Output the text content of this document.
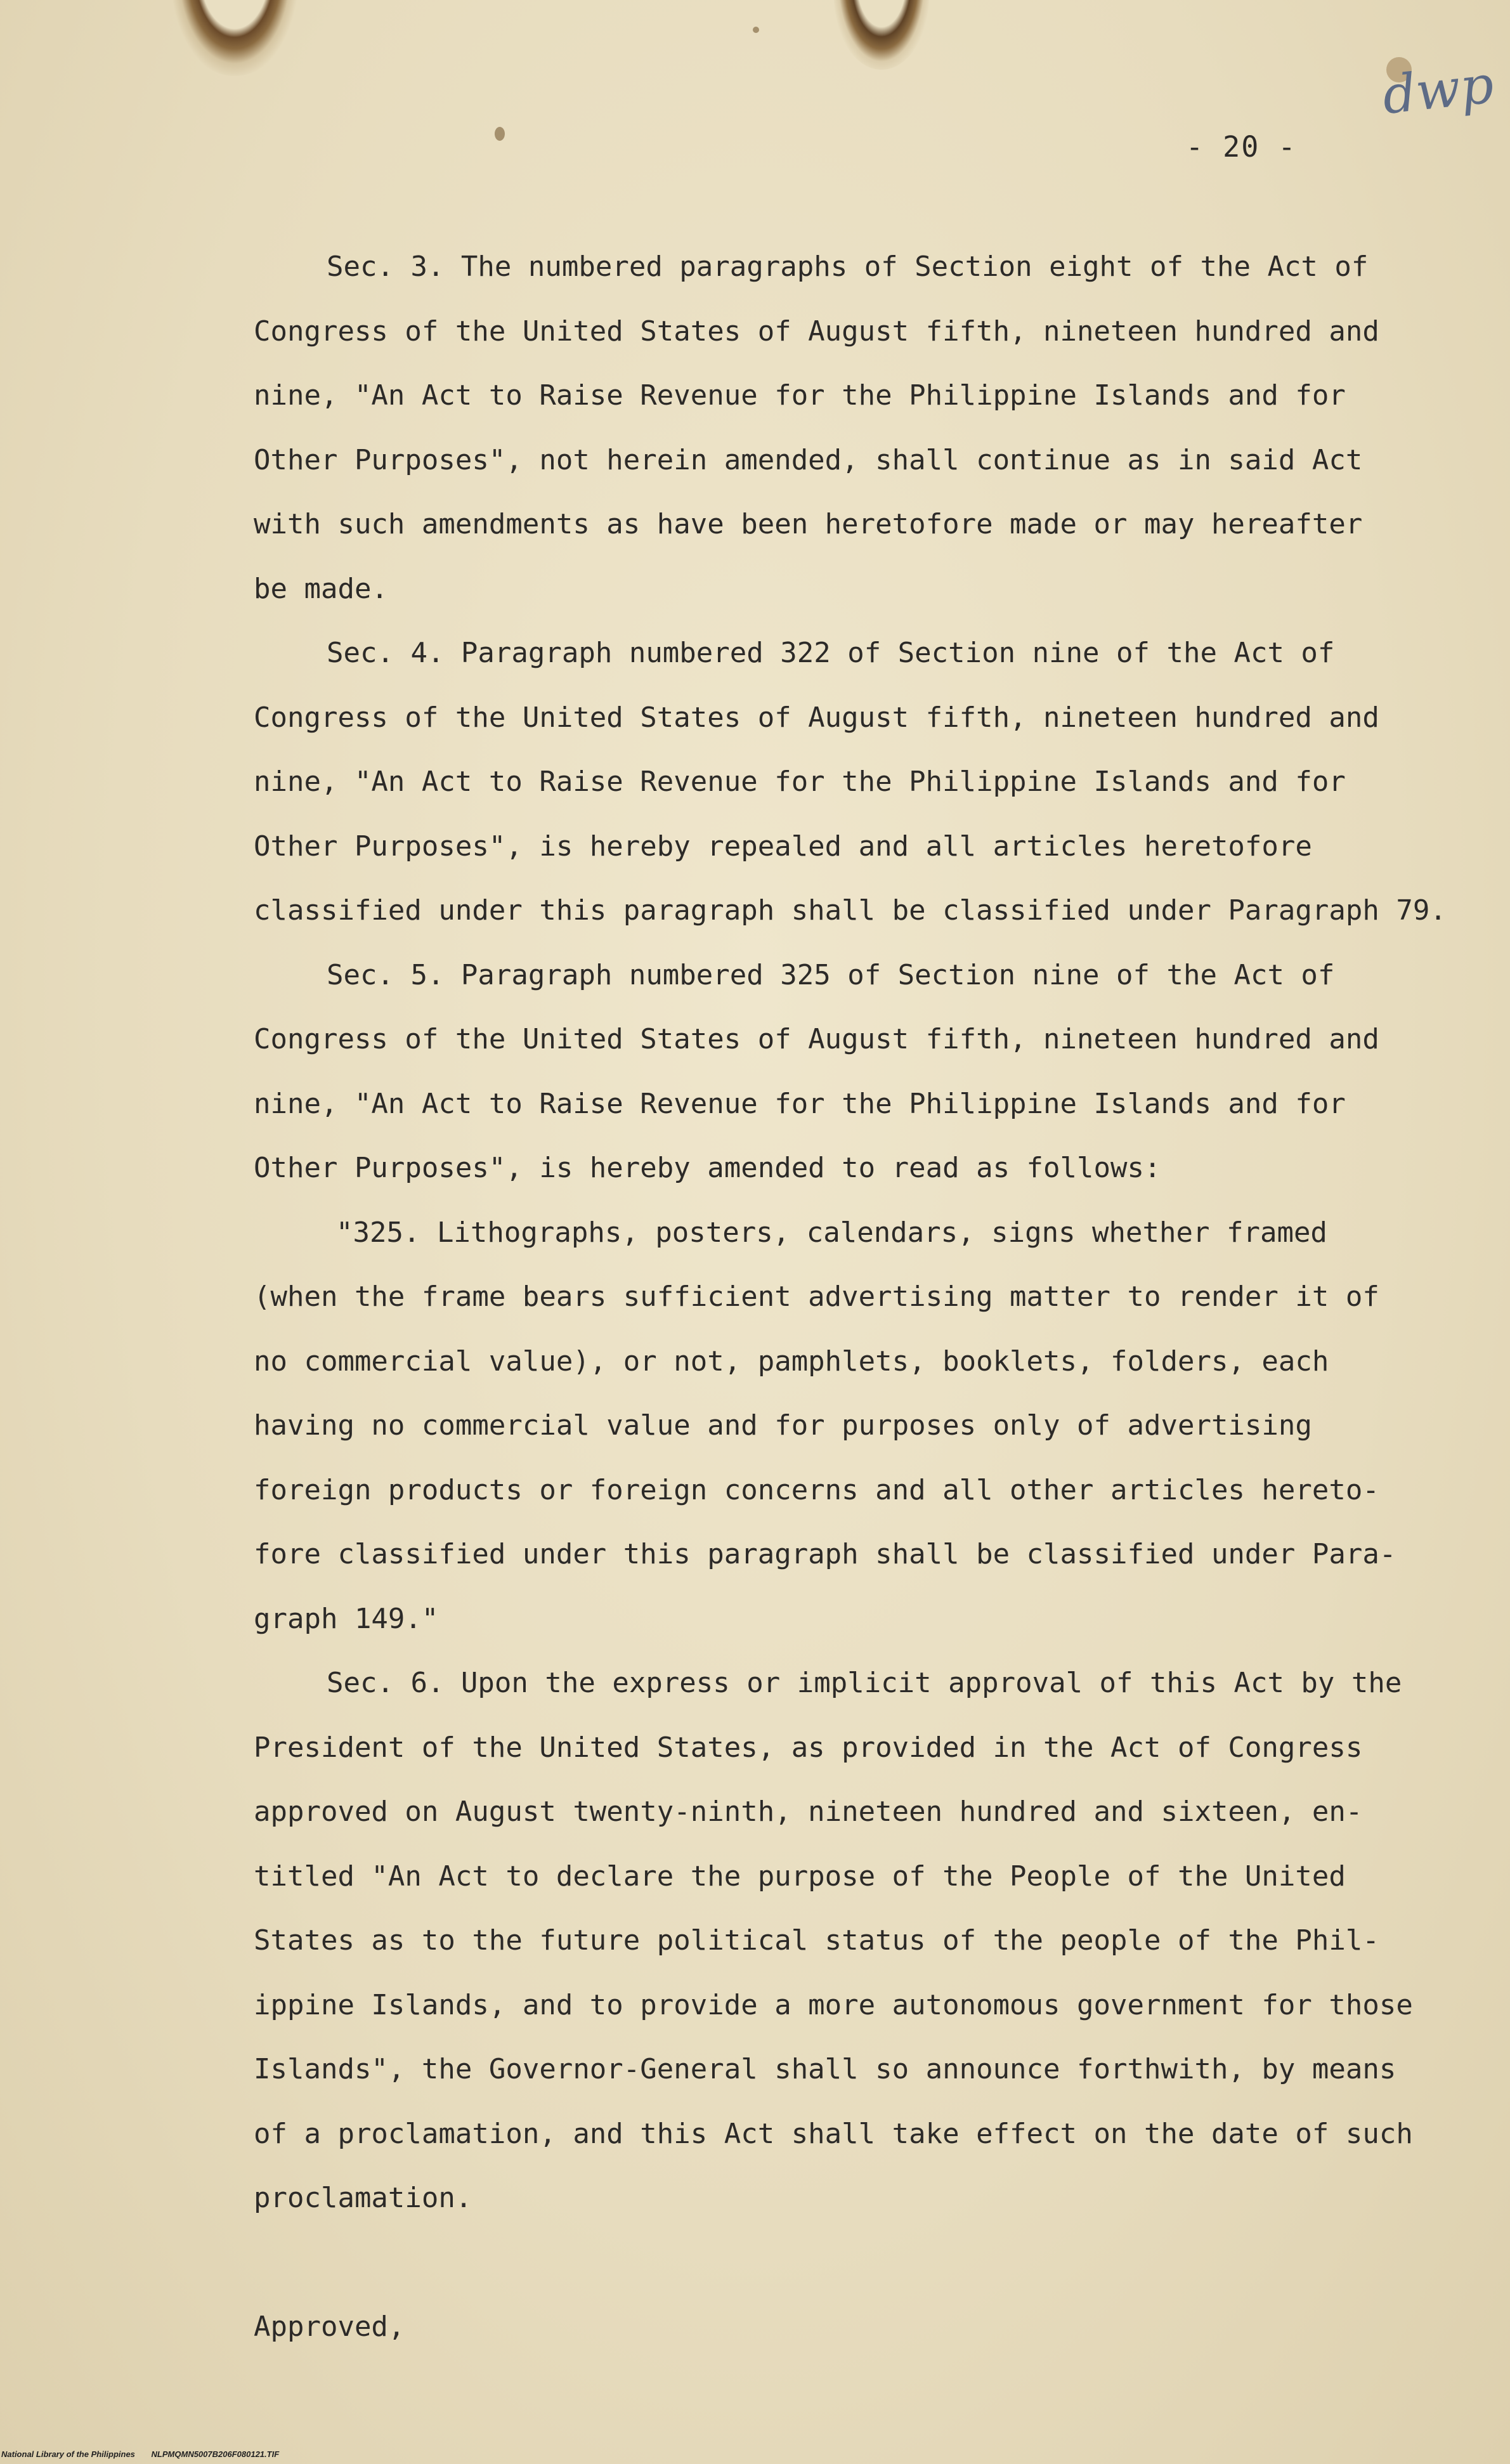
dwp
- 20 -
Sec. 3. The numbered paragraphs of Section eight of the Act of
Congress of the United States of August fifth, nineteen hundred and
nine, "An Act to Raise Revenue for the Philippine Islands and for
Other Purposes", not herein amended, shall continue as in said Act
with such amendments as have been heretofore made or may hereafter
be made.
Sec. 4. Paragraph numbered 322 of Section nine of the Act of
Congress of the United States of August fifth, nineteen hundred and
nine, "An Act to Raise Revenue for the Philippine Islands and for
Other Purposes", is hereby repealed and all articles heretofore
classified under this paragraph shall be classified under Paragraph 79.
Sec. 5. Paragraph numbered 325 of Section nine of the Act of
Congress of the United States of August fifth, nineteen hundred and
nine, "An Act to Raise Revenue for the Philippine Islands and for
Other Purposes", is hereby amended to read as follows:
"325. Lithographs, posters, calendars, signs whether framed
(when the frame bears sufficient advertising matter to render it of
no commercial value), or not, pamphlets, booklets, folders, each
having no commercial value and for purposes only of advertising
foreign products or foreign concerns and all other articles hereto-
fore classified under this paragraph shall be classified under Para-
graph 149."
Sec. 6. Upon the express or implicit approval of this Act by the
President of the United States, as provided in the Act of Congress
approved on August twenty-ninth, nineteen hundred and sixteen, en-
titled "An Act to declare the purpose of the People of the United
States as to the future political status of the people of the Phil-
ippine Islands, and to provide a more autonomous government for those
Islands", the Governor-General shall so announce forthwith, by means
of a proclamation, and this Act shall take effect on the date of such
proclamation.
Approved,
National Library of the Philippines NLPMQMN5007B206F080121.TIF
